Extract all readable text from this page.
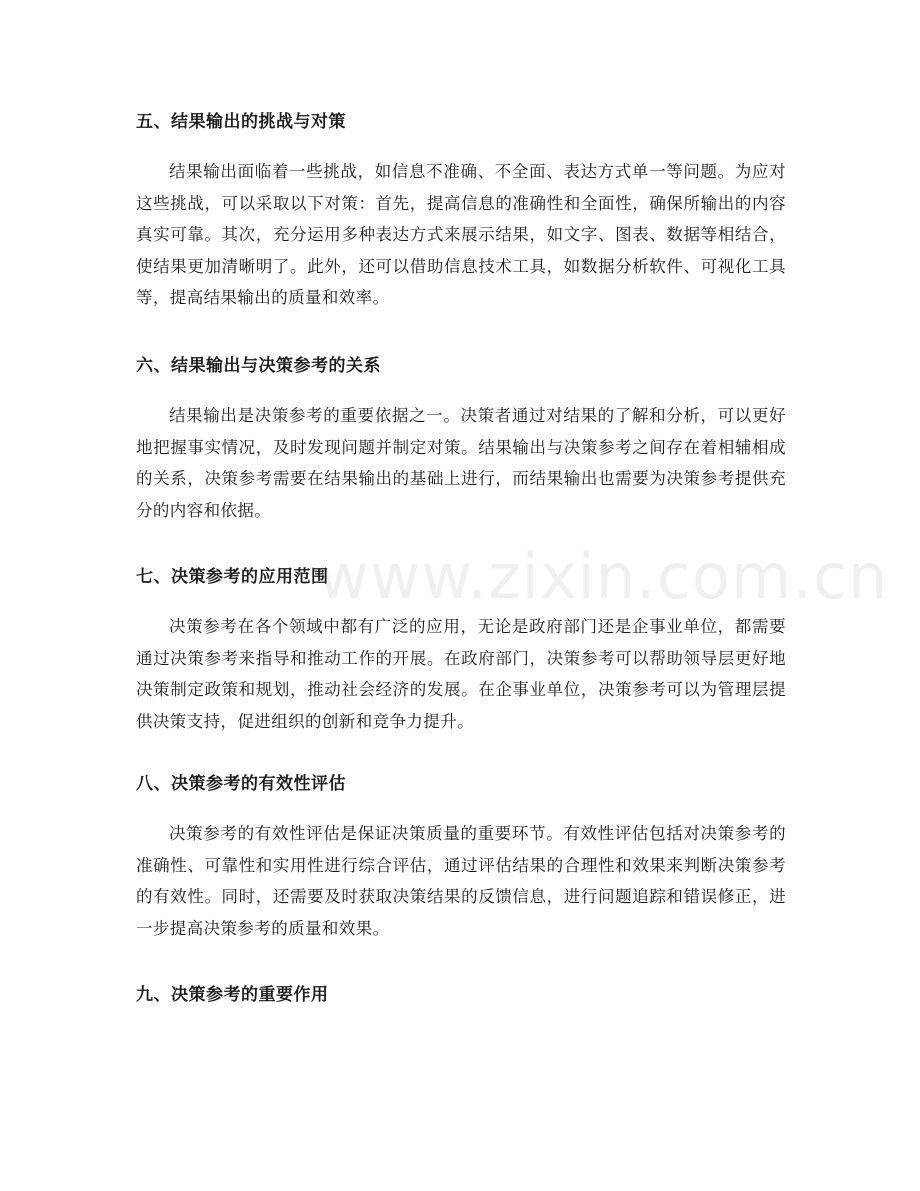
www.zixin.com.cn
五、结果输出的挑战与对策

结果输出面临着一些挑战，如信息不准确、不全面、表达方式单一等问题。为应对这些挑战，可以采取以下对策：首先，提高信息的准确性和全面性，确保所输出的内容真实可靠。其次，充分运用多种表达方式来展示结果，如文字、图表、数据等相结合，使结果更加清晰明了。此外，还可以借助信息技术工具，如数据分析软件、可视化工具等，提高结果输出的质量和效率。

六、结果输出与决策参考的关系

结果输出是决策参考的重要依据之一。决策者通过对结果的了解和分析，可以更好地把握事实情况，及时发现问题并制定对策。结果输出与决策参考之间存在着相辅相成的关系，决策参考需要在结果输出的基础上进行，而结果输出也需要为决策参考提供充分的内容和依据。

七、决策参考的应用范围

决策参考在各个领域中都有广泛的应用，无论是政府部门还是企事业单位，都需要通过决策参考来指导和推动工作的开展。在政府部门，决策参考可以帮助领导层更好地决策制定政策和规划，推动社会经济的发展。在企事业单位，决策参考可以为管理层提供决策支持，促进组织的创新和竞争力提升。

八、决策参考的有效性评估

决策参考的有效性评估是保证决策质量的重要环节。有效性评估包括对决策参考的准确性、可靠性和实用性进行综合评估，通过评估结果的合理性和效果来判断决策参考的有效性。同时，还需要及时获取决策结果的反馈信息，进行问题追踪和错误修正，进一步提高决策参考的质量和效果。

九、决策参考的重要作用
